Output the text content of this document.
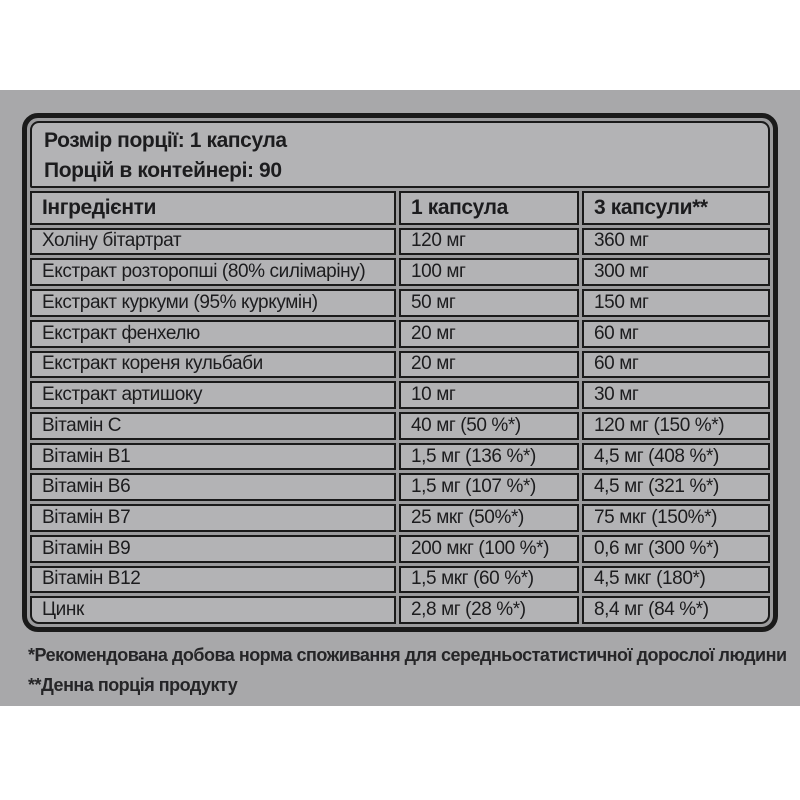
Розмір порції: 1 капсула
Порцій в контейнері: 90
Інгредієнти	1 капсула	3 капсули**
Холіну бітартрат	120 мг	360 мг
Екстракт розторопші (80% силімаріну)	100 мг	300 мг
Екстракт куркуми (95% куркумін)	50 мг	150 мг
Екстракт фенхелю	20 мг	60 мг
Екстракт кореня кульбаби	20 мг	60 мг
Екстракт артишоку	10 мг	30 мг
Вітамін C	40 мг (50 %*)	120 мг (150 %*)
Вітамін B1	1,5 мг (136 %*)	4,5 мг (408 %*)
Вітамін B6	1,5 мг (107 %*)	4,5 мг (321 %*)
Вітамін B7	25 мкг (50%*)	75 мкг (150%*)
Вітамін B9	200 мкг (100 %*)	0,6 мг (300 %*)
Вітамін B12	1,5 мкг (60 %*)	4,5 мкг (180*)
Цинк	2,8 мг (28 %*)	8,4 мг (84 %*)
*Рекомендована добова норма споживання для середньостатистичної дорослої людини
**Денна порція продукту
